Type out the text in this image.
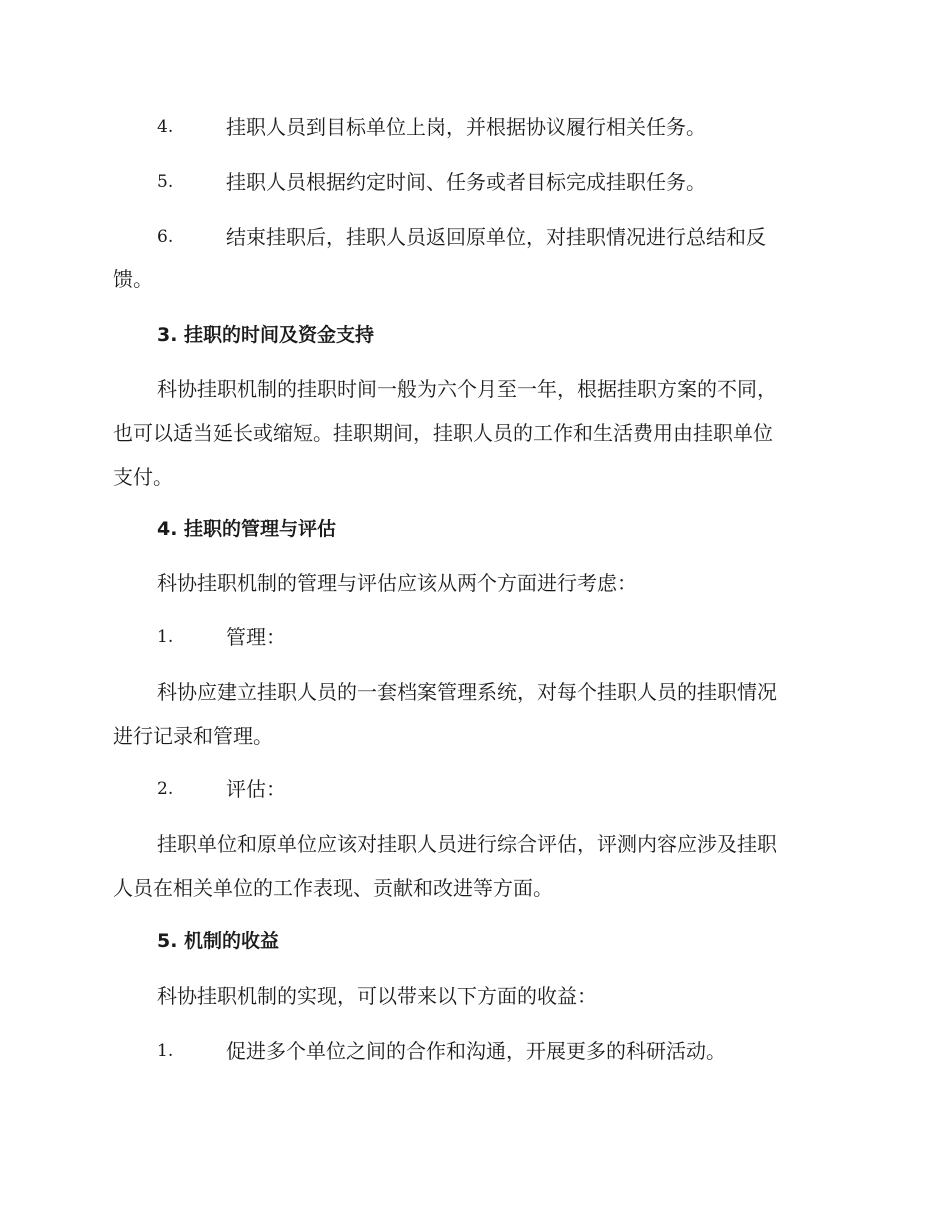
4.	挂职人员到目标单位上岗，并根据协议履行相关任务。
5.	挂职人员根据约定时间、任务或者目标完成挂职任务。
6.	结束挂职后，挂职人员返回原单位，对挂职情况进行总结和反
馈。
3. 挂职的时间及资金支持
科协挂职机制的挂职时间一般为六个月至一年，根据挂职方案的不同，
也可以适当延长或缩短。挂职期间，挂职人员的工作和生活费用由挂职单位
支付。
4. 挂职的管理与评估
科协挂职机制的管理与评估应该从两个方面进行考虑：
1.	管理：
科协应建立挂职人员的一套档案管理系统，对每个挂职人员的挂职情况
进行记录和管理。
2.	评估：
挂职单位和原单位应该对挂职人员进行综合评估，评测内容应涉及挂职
人员在相关单位的工作表现、贡献和改进等方面。
5. 机制的收益
科协挂职机制的实现，可以带来以下方面的收益：
1.	促进多个单位之间的合作和沟通，开展更多的科研活动。
